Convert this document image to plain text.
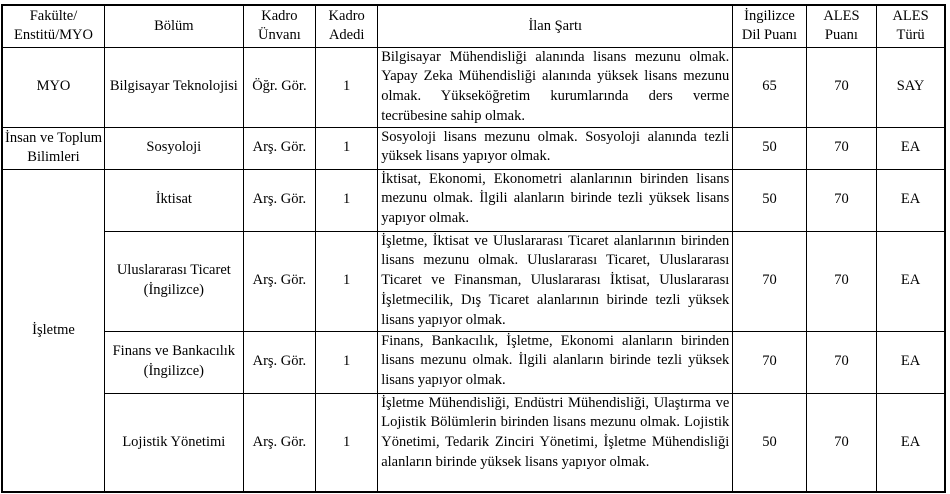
Fakülte/ Enstitü/MYO	Bölüm	Kadro Ünvanı	Kadro Adedi	İlan Şartı	İngilizce Dil Puanı	ALES Puanı	ALES Türü
MYO	Bilgisayar Teknolojisi	Öğr. Gör.	1	Bilgisayar Mühendisliği alanında lisans mezunu olmak. Yapay Zeka Mühendisliği alanında yüksek lisans mezunu olmak. Yükseköğretim kurumlarında ders verme tecrübesine sahip olmak.	65	70	SAY
İnsan ve Toplum Bilimleri	Sosyoloji	Arş. Gör.	1	Sosyoloji lisans mezunu olmak. Sosyoloji alanında tezli yüksek lisans yapıyor olmak.	50	70	EA
İşletme	İktisat	Arş. Gör.	1	İktisat, Ekonomi, Ekonometri alanlarının birinden lisans mezunu olmak. İlgili alanların birinde tezli yüksek lisans yapıyor olmak.	50	70	EA
	Uluslararası Ticaret (İngilizce)	Arş. Gör.	1	İşletme, İktisat ve Uluslararası Ticaret alanlarının birinden lisans mezunu olmak. Uluslararası Ticaret, Uluslararası Ticaret ve Finansman, Uluslararası İktisat, Uluslararası İşletmecilik, Dış Ticaret alanlarının birinde tezli yüksek lisans yapıyor olmak.	70	70	EA
	Finans ve Bankacılık (İngilizce)	Arş. Gör.	1	Finans, Bankacılık, İşletme, Ekonomi alanların birinden lisans mezunu olmak. İlgili alanların birinde tezli yüksek lisans yapıyor olmak.	70	70	EA
	Lojistik Yönetimi	Arş. Gör.	1	İşletme Mühendisliği, Endüstri Mühendisliği, Ulaştırma ve Lojistik Bölümlerin birinden lisans mezunu olmak. Lojistik Yönetimi, Tedarik Zinciri Yönetimi, İşletme Mühendisliği alanların birinde yüksek lisans yapıyor olmak.	50	70	EA
